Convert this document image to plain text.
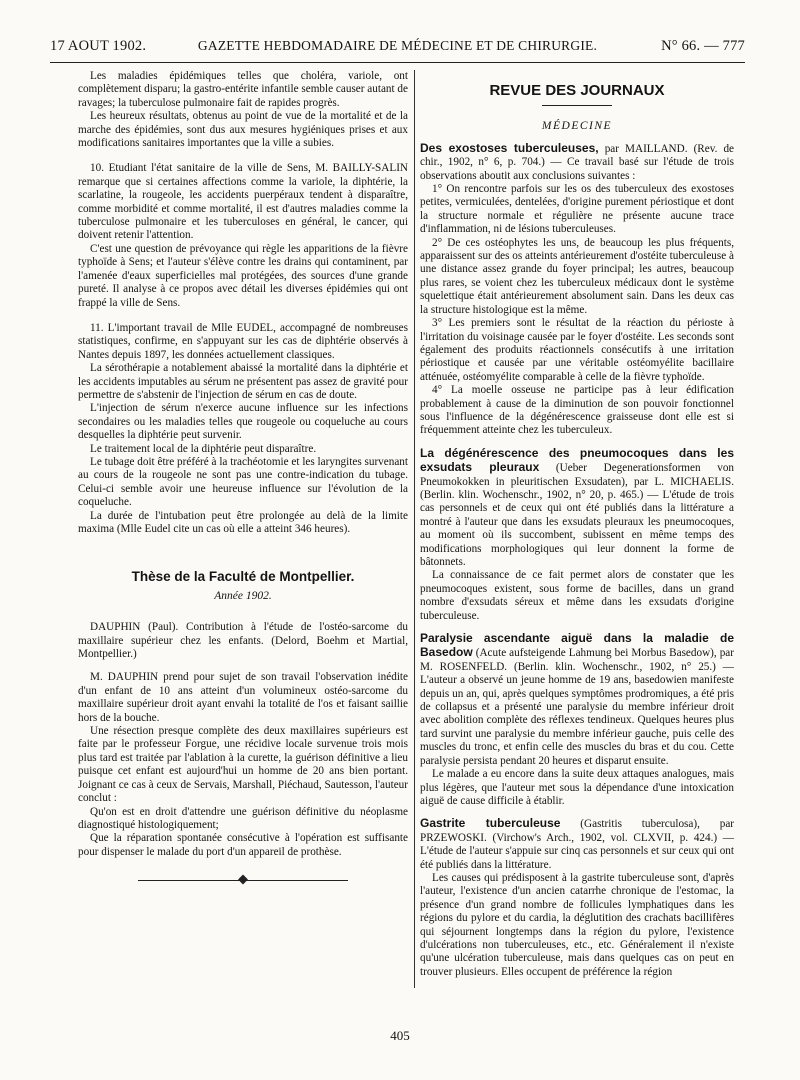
17 AOUT 1902.	GAZETTE HEBDOMADAIRE DE MÉDECINE ET DE CHIRURGIE.	N° 66. — 777

Les maladies épidémiques telles que choléra, variole, ont complètement disparu; la gastro-entérite infantile semble causer autant de ravages; la tuberculose pulmonaire fait de rapides progrès.

Les heureux résultats, obtenus au point de vue de la mortalité et de la marche des épidémies, sont dus aux mesures hygiéniques prises et aux modifications sanitaires importantes que la ville a subies.

10. Etudiant l'état sanitaire de la ville de Sens, M. BAILLY-SALIN remarque que si certaines affections comme la variole, la diphtérie, la scarlatine, la rougeole, les accidents puerpéraux tendent à disparaître, comme morbidité et comme mortalité, il est d'autres maladies comme la tuberculose pulmonaire et les tuberculoses en général, le cancer, qui doivent retenir l'attention.

C'est une question de prévoyance qui règle les apparitions de la fièvre typhoïde à Sens; et l'auteur s'élève contre les drains qui contaminent, par l'amenée d'eaux superficielles mal protégées, des sources d'une grande pureté. Il analyse à ce propos avec détail les diverses épidémies qui ont frappé la ville de Sens.

11. L'important travail de Mlle EUDEL, accompagné de nombreuses statistiques, confirme, en s'appuyant sur les cas de diphtérie observés à Nantes depuis 1897, les données actuellement classiques.

La sérothérapie a notablement abaissé la mortalité dans la diphtérie et les accidents imputables au sérum ne présentent pas assez de gravité pour permettre de s'abstenir de l'injection de sérum en cas de doute.

L'injection de sérum n'exerce aucune influence sur les infections secondaires ou les maladies telles que rougeole ou coqueluche au cours desquelles la diphtérie peut survenir.

Le traitement local de la diphtérie peut disparaître.

Le tubage doit être préféré à la trachéotomie et les laryngites survenant au cours de la rougeole ne sont pas une contre-indication du tubage. Celui-ci semble avoir une heureuse influence sur l'évolution de la coqueluche.

La durée de l'intubation peut être prolongée au delà de la limite maxima (Mlle Eudel cite un cas où elle a atteint 346 heures).

Thèse de la Faculté de Montpellier.
Année 1902.

DAUPHIN (Paul). Contribution à l'étude de l'ostéo-sarcome du maxillaire supérieur chez les enfants. (Delord, Boehm et Martial, Montpellier.)

M. DAUPHIN prend pour sujet de son travail l'observation inédite d'un enfant de 10 ans atteint d'un volumineux ostéo-sarcome du maxillaire supérieur droit ayant envahi la totalité de l'os et faisant saillie hors de la bouche.

Une résection presque complète des deux maxillaires supérieurs est faite par le professeur Forgue, une récidive locale survenue trois mois plus tard est traitée par l'ablation à la curette, la guérison définitive a lieu puisque cet enfant est aujourd'hui un homme de 20 ans bien portant. Joignant ce cas à ceux de Servais, Marshall, Piéchaud, Sautesson, l'auteur conclut :

Qu'on est en droit d'attendre une guérison définitive du néoplasme diagnostiqué histologiquement;

Que la réparation spontanée consécutive à l'opération est suffisante pour dispenser le malade du port d'un appareil de prothèse.

REVUE DES JOURNAUX
MÉDECINE

Des exostoses tuberculeuses, par MAILLAND. (Rev. de chir., 1902, n° 6, p. 704.) — Ce travail basé sur l'étude de trois observations aboutit aux conclusions suivantes :

1° On rencontre parfois sur les os des tuberculeux des exostoses petites, vermiculées, dentelées, d'origine purement périostique et dont la structure normale et régulière ne présente aucune trace d'inflammation, ni de lésions tuberculeuses.

2° De ces ostéophytes les uns, de beaucoup les plus fréquents, apparaissent sur des os atteints antérieurement d'ostéite tuberculeuse à une distance assez grande du foyer principal; les autres, beaucoup plus rares, se voient chez les tuberculeux médicaux dont le système squelettique était antérieurement absolument sain. Dans les deux cas la structure histologique est la même.

3° Les premiers sont le résultat de la réaction du périoste à l'irritation du voisinage causée par le foyer d'ostéite. Les seconds sont également des produits réactionnels consécutifs à une irritation périostique et causée par une véritable ostéomyélite bacillaire atténuée, ostéomyélite comparable à celle de la fièvre typhoïde.

4° La moelle osseuse ne participe pas à leur édification probablement à cause de la diminution de son pouvoir fonctionnel sous l'influence de la dégénérescence graisseuse dont elle est si fréquemment atteinte chez les tuberculeux.

La dégénérescence des pneumocoques dans les exsudats pleuraux (Ueber Degenerationsformen von Pneumokokken in pleuritischen Exsudaten), par L. MICHAELIS. (Berlin. klin. Wochenschr., 1902, n° 20, p. 465.) — L'étude de trois cas personnels et de ceux qui ont été publiés dans la littérature a montré à l'auteur que dans les exsudats pleuraux les pneumocoques, au moment où ils succombent, subissent en même temps des modifications morphologiques qui leur donnent la forme de bâtonnets.

La connaissance de ce fait permet alors de constater que les pneumocoques existent, sous forme de bacilles, dans un grand nombre d'exsudats séreux et même dans les exsudats d'origine tuberculeuse.

Paralysie ascendante aiguë dans la maladie de Basedow (Acute aufsteigende Lahmung bei Morbus Basedow), par M. ROSENFELD. (Berlin. klin. Wochenschr., 1902, n° 25.) — L'auteur a observé un jeune homme de 19 ans, basedowien manifeste depuis un an, qui, après quelques symptômes prodromiques, a été pris de collapsus et a présenté une paralysie du membre inférieur droit avec abolition complète des réflexes tendineux. Quelques heures plus tard survint une paralysie du membre inférieur gauche, puis celle des muscles du tronc, et enfin celle des muscles du bras et du cou. Cette paralysie persista pendant 20 heures et disparut ensuite.

Le malade a eu encore dans la suite deux attaques analogues, mais plus légères, que l'auteur met sous la dépendance d'une intoxication aiguë de cause difficile à établir.

Gastrite tuberculeuse (Gastritis tuberculosa), par PRZEWOSKI. (Virchow's Arch., 1902, vol. CLXVII, p. 424.) — L'étude de l'auteur s'appuie sur cinq cas personnels et sur ceux qui ont été publiés dans la littérature.

Les causes qui prédisposent à la gastrite tuberculeuse sont, d'après l'auteur, l'existence d'un ancien catarrhe chronique de l'estomac, la présence d'un grand nombre de follicules lymphatiques dans les régions du pylore et du cardia, la déglutition des crachats bacillifères qui séjournent longtemps dans la région du pylore, l'existence d'ulcérations non tuberculeuses, etc., etc. Généralement il n'existe qu'une ulcération tuberculeuse, mais dans quelques cas on peut en trouver plusieurs. Elles occupent de préférence la région

405
